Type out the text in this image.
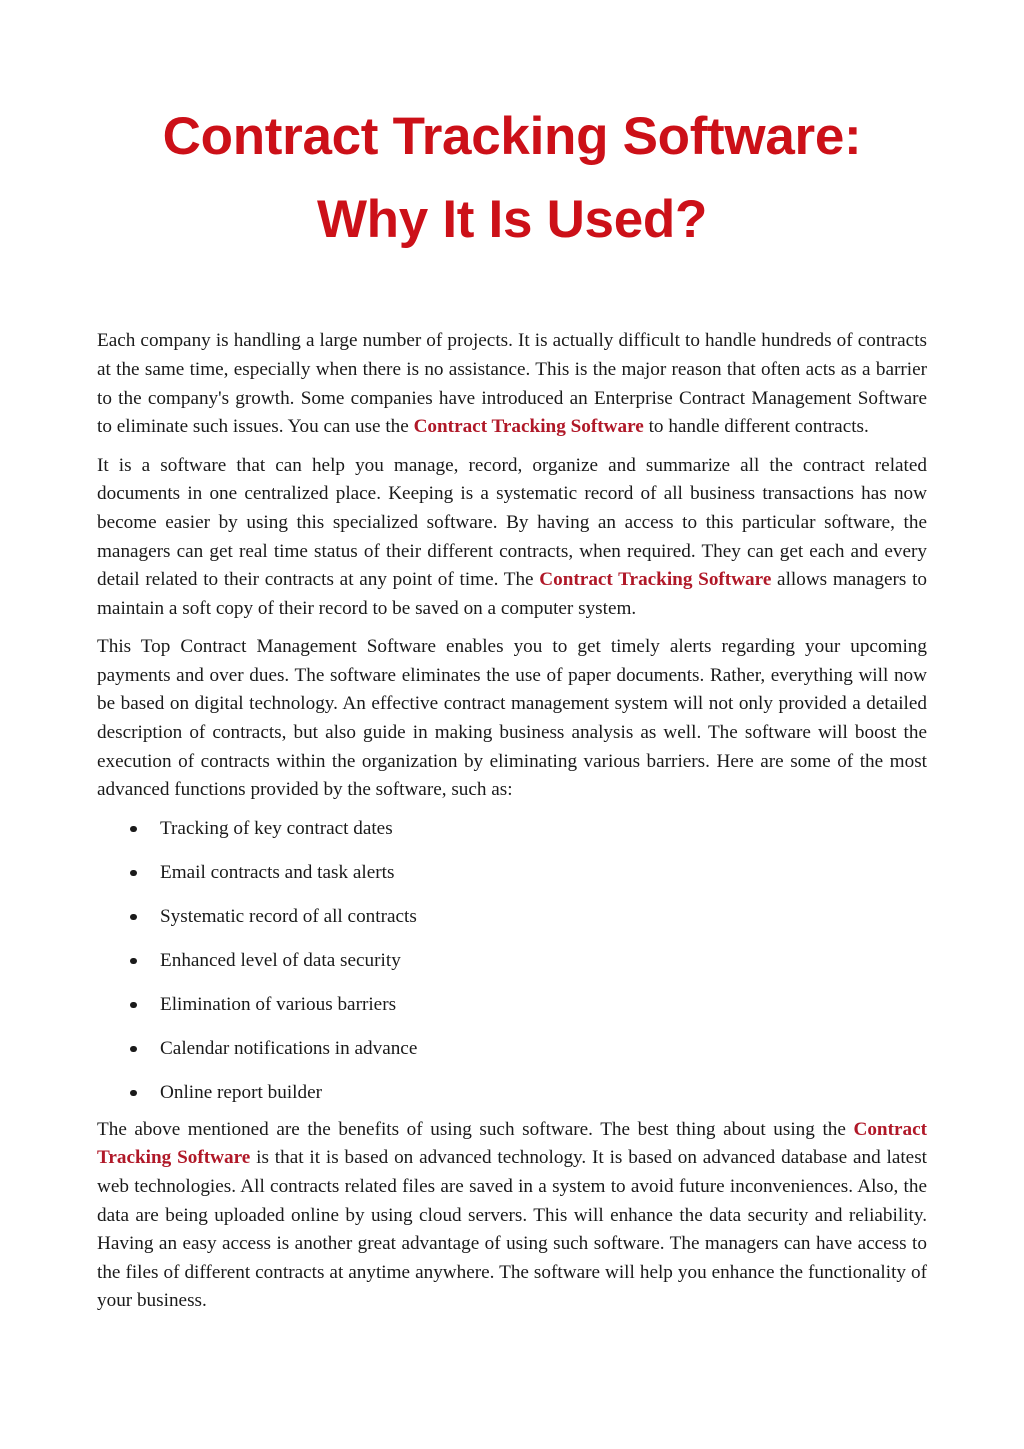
Contract Tracking Software:
Why It Is Used?

Each company is handling a large number of projects. It is actually difficult to handle hundreds of contracts at the same time, especially when there is no assistance. This is the major reason that often acts as a barrier to the company's growth. Some companies have introduced an Enterprise Contract Management Software to eliminate such issues. You can use the Contract Tracking Software to handle different contracts.

It is a software that can help you manage, record, organize and summarize all the contract related documents in one centralized place. Keeping is a systematic record of all business transactions has now become easier by using this specialized software. By having an access to this particular software, the managers can get real time status of their different contracts, when required. They can get each and every detail related to their contracts at any point of time. The Contract Tracking Software allows managers to maintain a soft copy of their record to be saved on a computer system.

This Top Contract Management Software enables you to get timely alerts regarding your upcoming payments and over dues. The software eliminates the use of paper documents. Rather, everything will now be based on digital technology. An effective contract management system will not only provided a detailed description of contracts, but also guide in making business analysis as well. The software will boost the execution of contracts within the organization by eliminating various barriers. Here are some of the most advanced functions provided by the software, such as:

Tracking of key contract dates
Email contracts and task alerts
Systematic record of all contracts
Enhanced level of data security
Elimination of various barriers
Calendar notifications in advance
Online report builder

The above mentioned are the benefits of using such software. The best thing about using the Contract Tracking Software is that it is based on advanced technology. It is based on advanced database and latest web technologies. All contracts related files are saved in a system to avoid future inconveniences. Also, the data are being uploaded online by using cloud servers. This will enhance the data security and reliability. Having an easy access is another great advantage of using such software. The managers can have access to the files of different contracts at anytime anywhere. The software will help you enhance the functionality of your business.
